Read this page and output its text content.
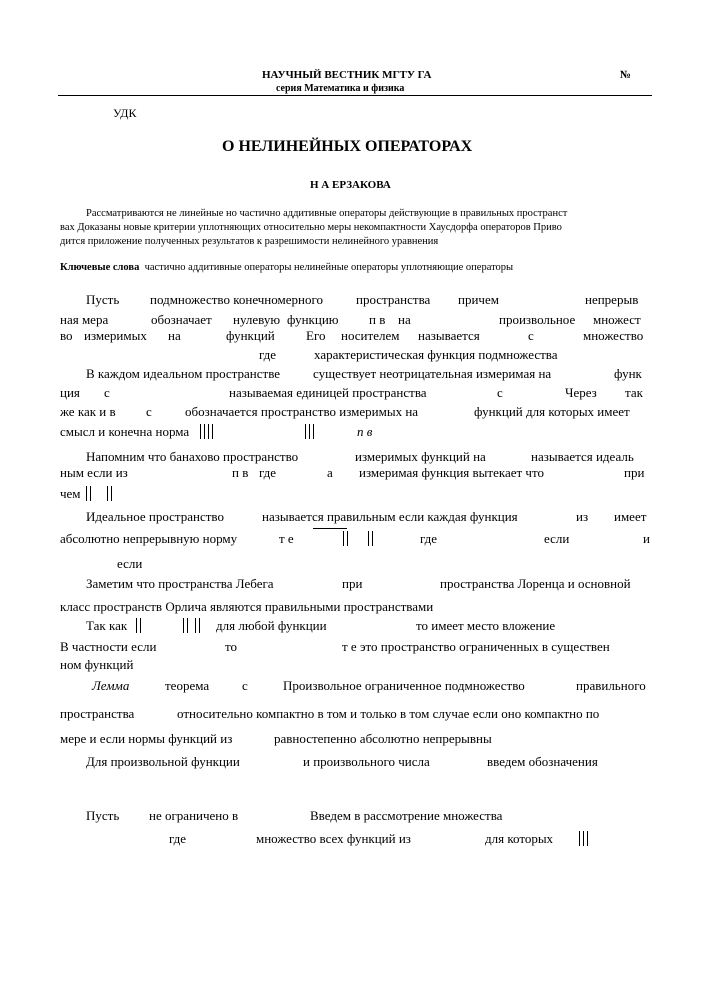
НАУЧНЫЙ ВЕСТНИК МГТУ ГА	№
серия Математика и физика
УДК
О НЕЛИНЕЙНЫХ ОПЕРАТОРАХ
Н А ЕРЗАКОВА
Рассматриваются не линейные но частично аддитивные операторы действующие в правильных пространст
вах Доказаны новые критерии уплотняющих относительно меры некомпактности Хаусдорфа операторов Приво
дится приложение полученных результатов к разрешимости нелинейного уравнения
Ключевые слова частично аддитивные операторы нелинейные операторы уплотняющие операторы
Пусть подмножество конечномерного	пространства причем	непрерыв
ная мера	обозначает нулевую функцию п в на	произвольное множест
во измеримых на	функций Его носителем называется	с	множество
где	характеристическая функция подмножества
В каждом идеальном пространстве	существует неотрицательная измеримая на	функ
ция с	называемая единицей пространства	с	Через так
же как и в с	обозначается пространство измеримых на	функций для которых имеет
смысл и конечна норма

	п в
Напомним что банахово пространство	измеримых функций на	называется идеаль
ным если из	п в где	а измеримая функция вытекает что	при
чем

Идеальное пространство	называется правильным если каждая функция	из имеет
абсолютно непрерывную норму	т е
	где	если	и
если
Заметим что пространства Лебега	при	пространства Лоренца и основной
класс пространств Орлича являются правильными пространствами
Так как
	для любой функции	то имеет место вложение
В частности если	то	т е это пространство ограниченных в существен
ном функций
Лемма	теорема	с	Произвольное ограниченное подмножество	правильного
пространства	относительно компактно в том и только в том случае если оно компактно по
мере и если нормы функций из	равностепенно абсолютно непрерывны
Для произвольной функции	и произвольного числа	введем обозначения
Пусть не ограничено в	Введем в рассмотрение множества
где	множество всех функций из	для которых
